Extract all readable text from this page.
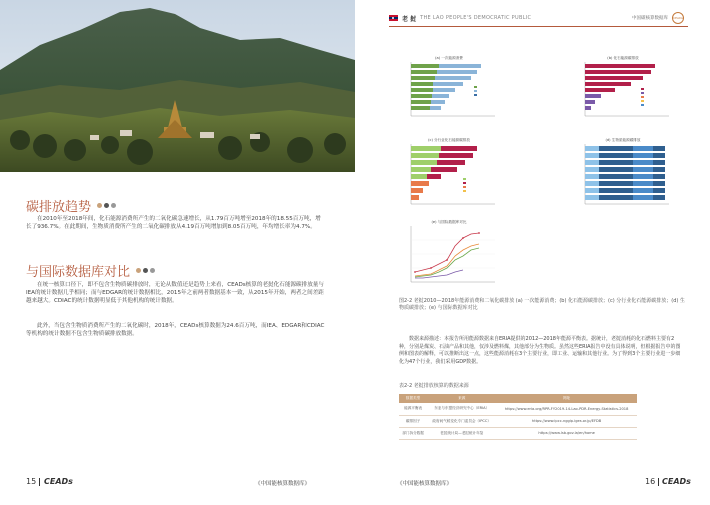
碳排放趋势

在2010年至2018年间，化石能源消费所产生的二氧化碳急速增长，从1.79百万吨增至2018年的18.55百万吨，增长了936.7%。在此期间，生物质消费所产生的二氧化碳排放从4.19百万吨增加到8.05百万吨，年均增长率为4.7%。

与国际数据库对比

在统一核算口径下，即不包含生物质碳排放时，无论从数值还是趋势上来看，CEADs核算的老挝化石能源碳排放量与IEA的统计数据几乎相同；而与EDGAR的统计数据相比，2015年之前两者数据基本一致，从2015年开始，两者之间差距越来越大。CDIAC的统计数据明显低于其他机构的统计数据。

此外，当包含生物质消费所产生的二氧化碳时，2018年，CEADs核算数据为24.6百万吨，而IEA、EDGAR和CDIAC等机构的统计数据不包含生物质碳排放数据。

15 CEADs	《中国能核算数据库》
老 挝 THE LAO PEOPLE'S DEMOCRATIC PUBLIC	中国碳核算数据库	CEADs
(a) 一次能源消费	(b) 化石能源碳排放
(c) 分行业化石能源碳排放	(d) 生物质能源碳排放
(e) 与国际数据库对比

图2-2 老挝2010—2018年能源消费和二氧化碳排放 (a) 一次能源消费；(b) 化石能源碳排放；(c) 分行业化石能源碳排放；(d) 生物质碳排放；(e) 与国际数据库对比

数据来源描述：本报告所用能源数据来自ERIA提供的2012—2018年能源平衡表。据统计，老挝消耗的化石燃料主要有2种，分别是煤炭、石油产品和其他，仅涉及燃料煤，其他部分为生物质。虽然这些ERIA报告中没有具体说明，但根据报告中的图例和图表的解释，可以推断出这一点，这些能源消耗在3个主要行业，即工业、运输和其他行业。为了得到3个主要行业进一步细化为47个行业，我们采用GDP数据。

表2-2 老挝排放核算的数据来源

数据类型	来源	网址
能源平衡表	东亚与东盟经济研究中心（ERIA）	https://www.eria.org/RPR-FY2019-14-Lao-PDR-Energy-Statistics-2018
碳排因子	政府间气候变化专门委员会（IPCC）	https://www.ipcc-nggip.iges.or.jp/EFDB
部门拆分数据	老挝统计局—老挝统计年鉴	https://www.lsb.gov.la/en/home
《中国能核算数据库》	16 CEADs
